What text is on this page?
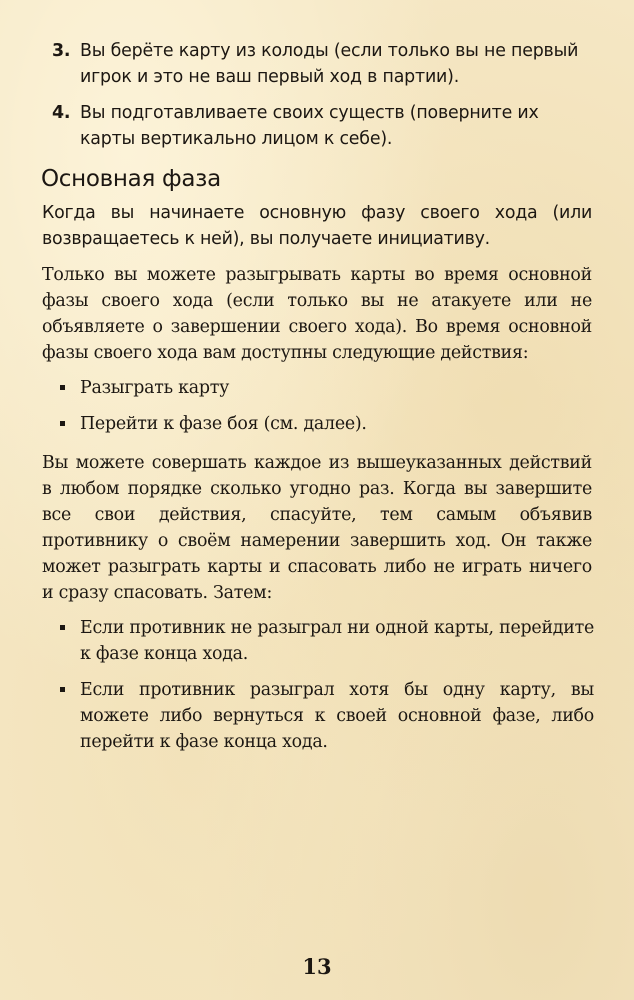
3. Вы берёте карту из колоды (если только вы не первый игрок и это не ваш первый ход в партии).
4. Вы подготавливаете своих существ (поверните их карты вертикально лицом к себе).
Основная фаза

Когда вы начинаете основную фазу своего хода (или возвращаетесь к ней), вы получаете инициативу.

Только вы можете разыгрывать карты во время основной фазы своего хода (если только вы не атакуете или не объявляете о завершении своего хода). Во время основной фазы своего хода вам доступны следующие действия:

Разыграть карту
Перейти к фазе боя (см. далее).

Вы можете совершать каждое из вышеуказанных действий в любом порядке сколько угодно раз. Когда вы завершите все свои действия, спасуйте, тем самым объявив противнику о своём намерении завершить ход. Он также может разыграть карты и спасовать либо не играть ничего и сразу спасовать. Затем:

Если противник не разыграл ни одной карты, перейдите к фазе конца хода.
Если противник разыграл хотя бы одну карту, вы можете либо вернуться к своей основной фазе, либо перейти к фазе конца хода.
13
